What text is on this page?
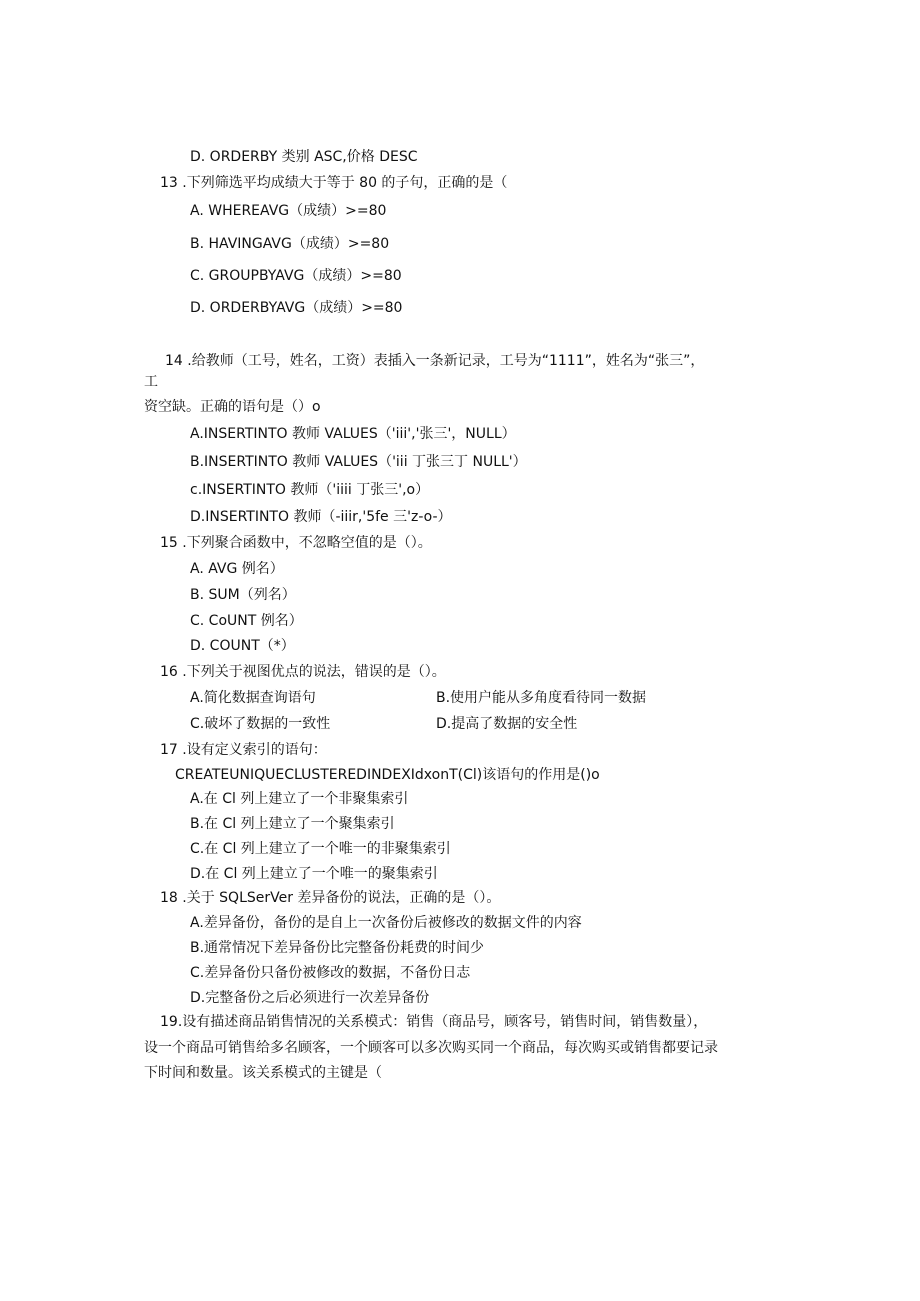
D. ORDERBY 类别 ASC,价格 DESC
13 .下列筛选平均成绩大于等于 80 的子句，正确的是（
A. WHEREAVG（成绩）>=80
B. HAVINGAVG（成绩）>=80
C. GROUPBYAVG（成绩）>=80
D. ORDERBYAVG（成绩）>=80
14 .给教师（工号，姓名，工资）表插入一条新记录，工号为“1111”，姓名为“张三”，
工
资空缺。正确的语句是（）o
A.INSERTINTO 教师 VALUES（'iii','张三'，NULL）
B.INSERTINTO 教师 VALUES（'iii 丁张三丁 NULL'）
c.INSERTINTO 教师（'iiii 丁张三',o）
D.INSERTINTO 教师（-iiir,'5fe 三'z-o-）
15 .下列聚合函数中，不忽略空值的是（）。
A. AVG 例名）
B. SUM（列名）
C. CoUNT 例名）
D. COUNT（*）
16 .下列关于视图优点的说法，错误的是（）。
A.简化数据查询语句	B.使用户能从多角度看待同一数据
C.破坏了数据的一致性	D.提高了数据的安全性
17 .设有定义索引的语句：
CREATEUNIQUECLUSTEREDINDEXIdxonT(Cl)该语句的作用是()o
A.在 Cl 列上建立了一个非聚集索引
B.在 Cl 列上建立了一个聚集索引
C.在 Cl 列上建立了一个唯一的非聚集索引
D.在 Cl 列上建立了一个唯一的聚集索引
18 .关于 SQLSerVer 差异备份的说法，正确的是（）。
A.差异备份，备份的是自上一次备份后被修改的数据文件的内容
B.通常情况下差异备份比完整备份耗费的时间少
C.差异备份只备份被修改的数据，不备份日志
D.完整备份之后必须进行一次差异备份
19.设有描述商品销售情况的关系模式：销售（商品号，顾客号，销售时间，销售数量），
设一个商品可销售给多名顾客，一个顾客可以多次购买同一个商品，每次购买或销售都要记录
下时间和数量。该关系模式的主键是（
